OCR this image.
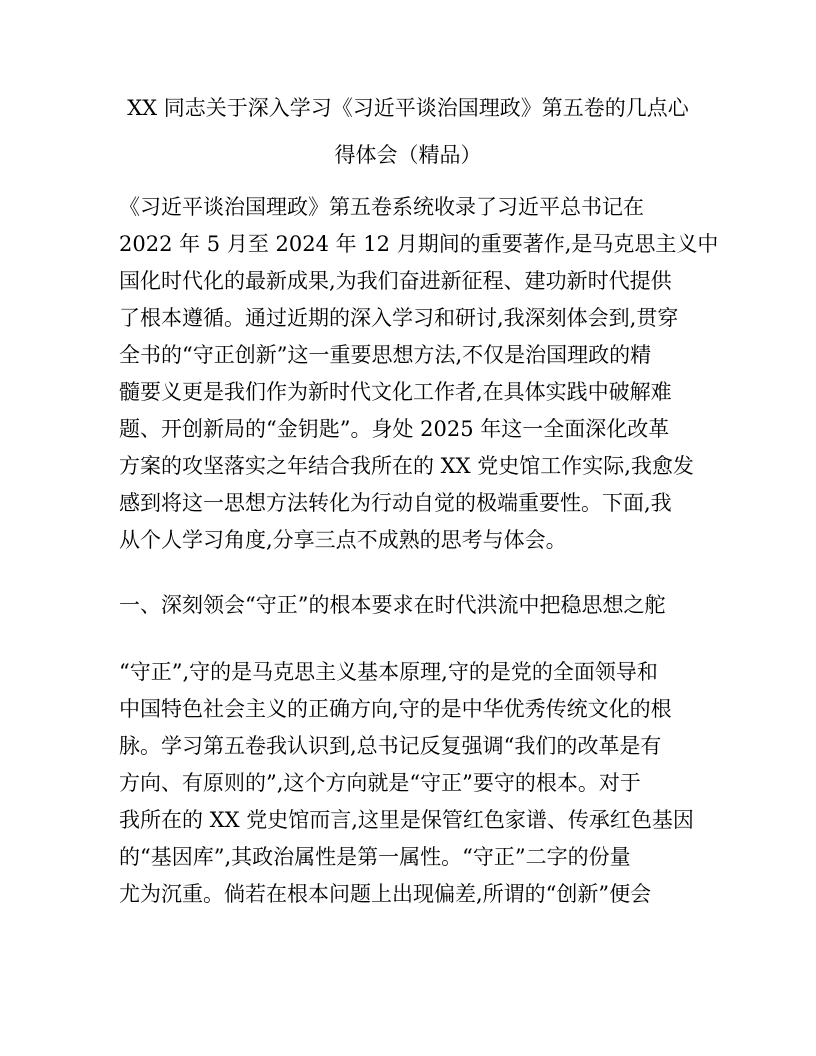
XX 同志关于深入学习《习近平谈治国理政》第五卷的几点心
得体会（精品）
《习近平谈治国理政》第五卷系统收录了习近平总书记在
2022 年 5 月至 2024 年 12 月期间的重要著作,是马克思主义中
国化时代化的最新成果,为我们奋进新征程、建功新时代提供
了根本遵循。通过近期的深入学习和研讨,我深刻体会到,贯穿
全书的“守正创新”这一重要思想方法,不仅是治国理政的精
髓要义更是我们作为新时代文化工作者,在具体实践中破解难
题、开创新局的“金钥匙”。身处 2025 年这一全面深化改革
方案的攻坚落实之年结合我所在的 XX 党史馆工作实际,我愈发
感到将这一思想方法转化为行动自觉的极端重要性。下面,我
从个人学习角度,分享三点不成熟的思考与体会。
一、深刻领会“守正”的根本要求在时代洪流中把稳思想之舵
“守正”,守的是马克思主义基本原理,守的是党的全面领导和
中国特色社会主义的正确方向,守的是中华优秀传统文化的根
脉。学习第五卷我认识到,总书记反复强调“我们的改革是有
方向、有原则的”,这个方向就是“守正”要守的根本。对于
我所在的 XX 党史馆而言,这里是保管红色家谱、传承红色基因
的“基因库”,其政治属性是第一属性。“守正”二字的份量
尤为沉重。倘若在根本问题上出现偏差,所谓的“创新”便会
